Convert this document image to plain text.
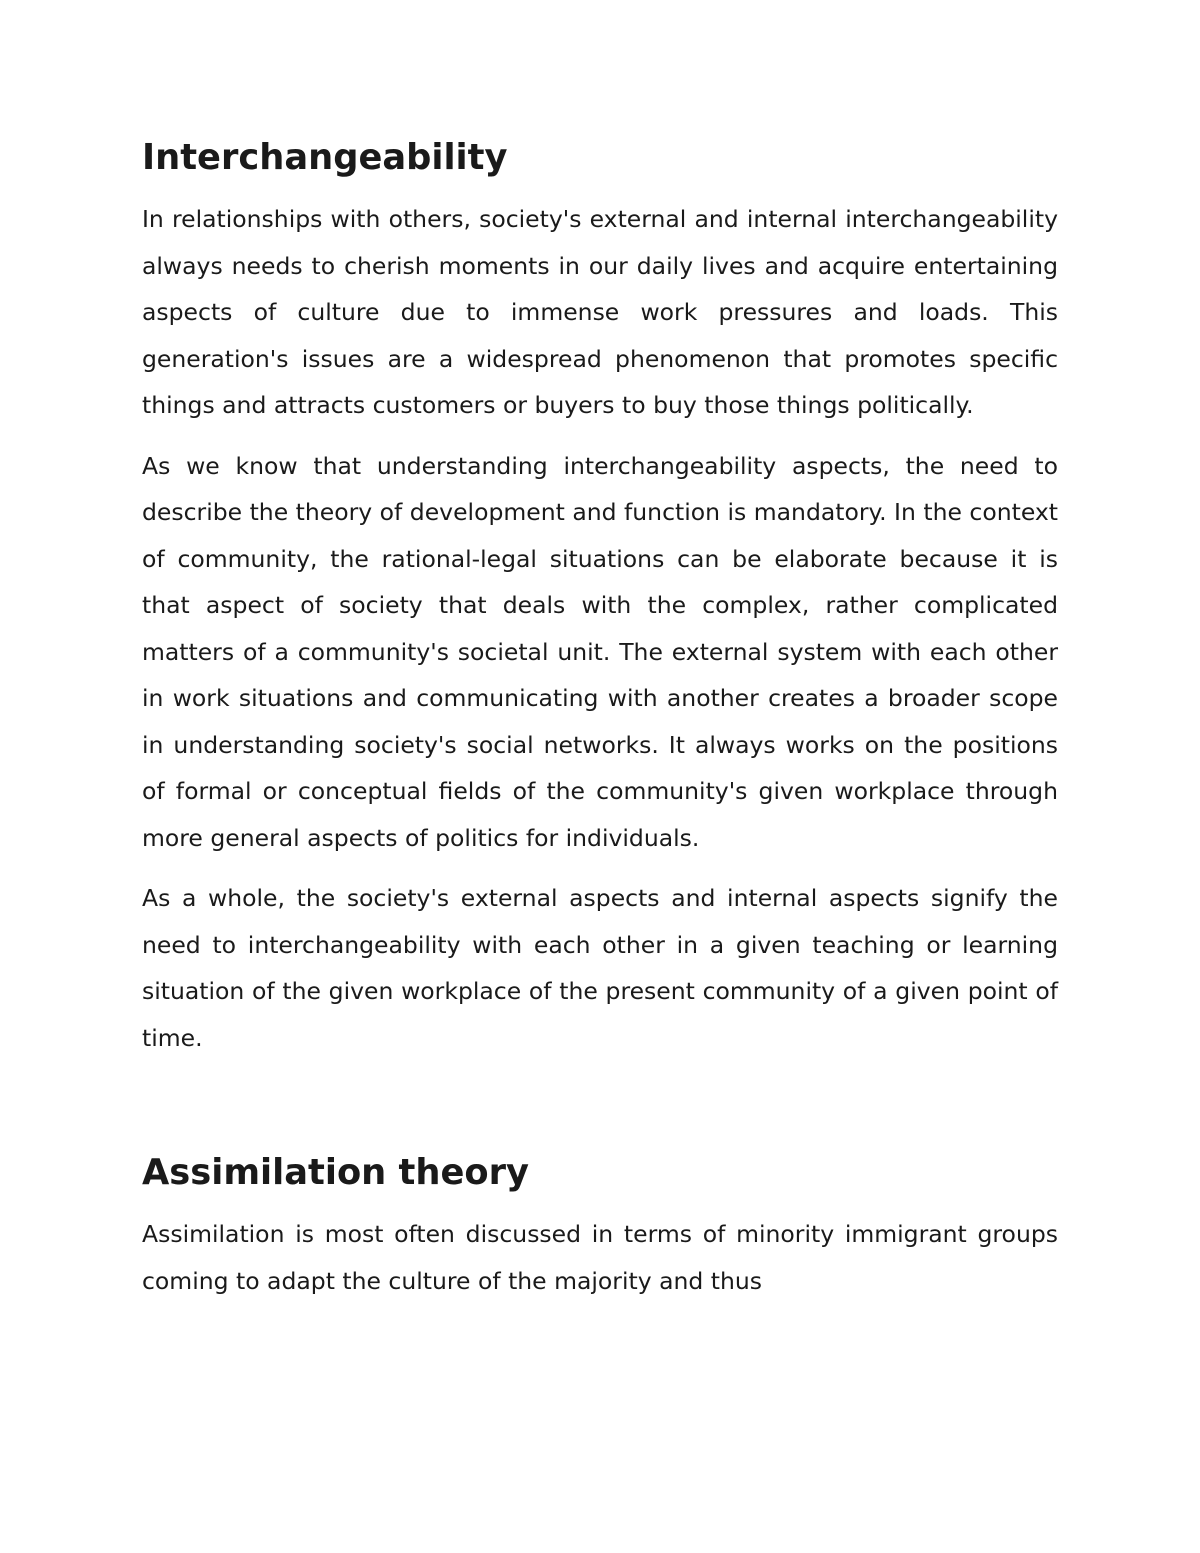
Interchangeability

In relationships with others, society's external and internal interchangeability always needs to cherish moments in our daily lives and acquire entertaining aspects of culture due to immense work pressures and loads. This generation's issues are a widespread phenomenon that promotes specific things and attracts customers or buyers to buy those things politically.

As we know that understanding interchangeability aspects, the need to describe the theory of development and function is mandatory. In the context of community, the rational-legal situations can be elaborate because it is that aspect of society that deals with the complex, rather complicated matters of a community's societal unit. The external system with each other in work situations and communicating with another creates a broader scope in understanding society's social networks. It always works on the positions of formal or conceptual fields of the community's given workplace through more general aspects of politics for individuals.

As a whole, the society's external aspects and internal aspects signify the need to interchangeability with each other in a given teaching or learning situation of the given workplace of the present community of a given point of time.

Assimilation theory

Assimilation is most often discussed in terms of minority immigrant groups coming to adapt the culture of the majority and thus
